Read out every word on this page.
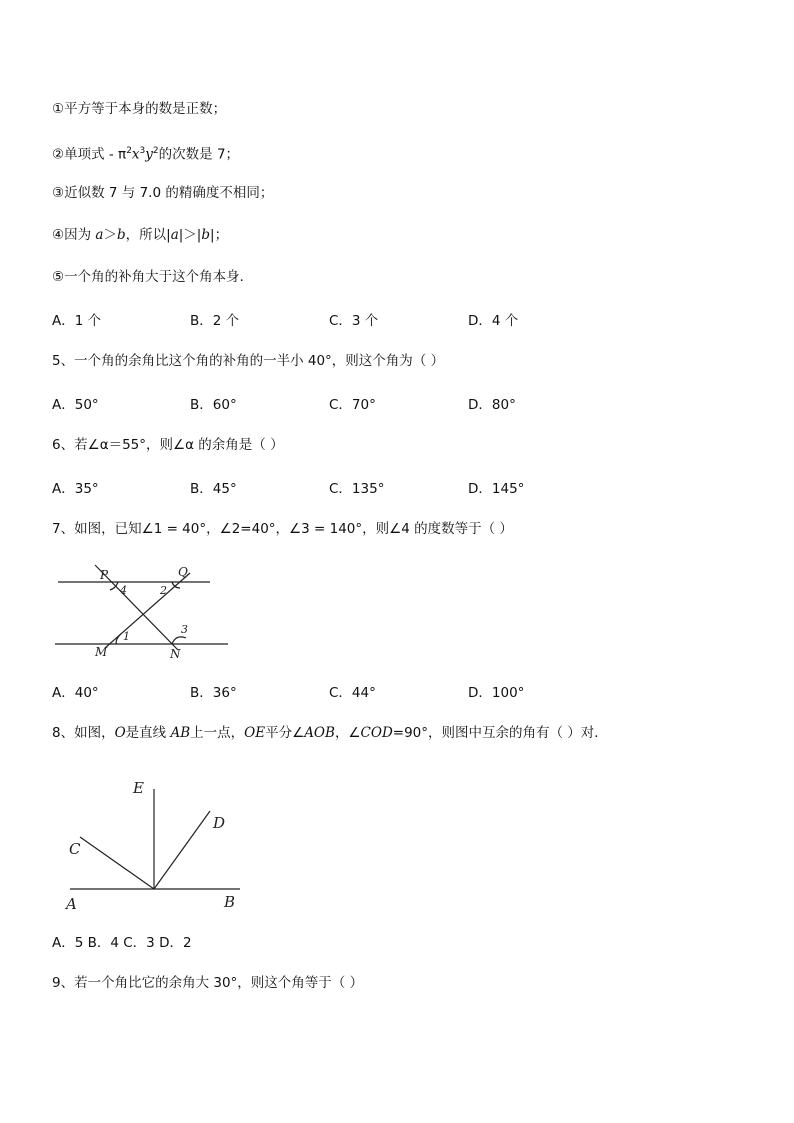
①平方等于本身的数是正数；
②单项式 - $\pi^2x^3y^2$的次数是 7；
③近似数 7 与 7.0 的精确度不相同；
④因为 a＞b，所以|a|＞|b|；
⑤一个角的补角大于这个角本身．
A．1 个	B．2 个	C．3 个	D．4 个
5、一个角的余角比这个角的补角的一半小 40°，则这个角为（ ）
A．50°	B．60°	C．70°	D．80°
6、若∠α＝55°，则∠α 的余角是（ ）
A．35°	B．45°	C．135°	D．145°
7、如图，已知∠1 = 40°，∠2=40°，∠3 = 140°，则∠4 的度数等于（ ）
P	Q
M	N
4	2
1
3
A．40°	B．36°	C．44°	D．100°
8、如图，O是直线 AB上一点，OE平分∠AOB，∠COD=90°，则图中互余的角有（ ）对．
E
D
C
A	B
A．5 B．4 C．3 D．2
9、若一个角比它的余角大 30°，则这个角等于（ ）
